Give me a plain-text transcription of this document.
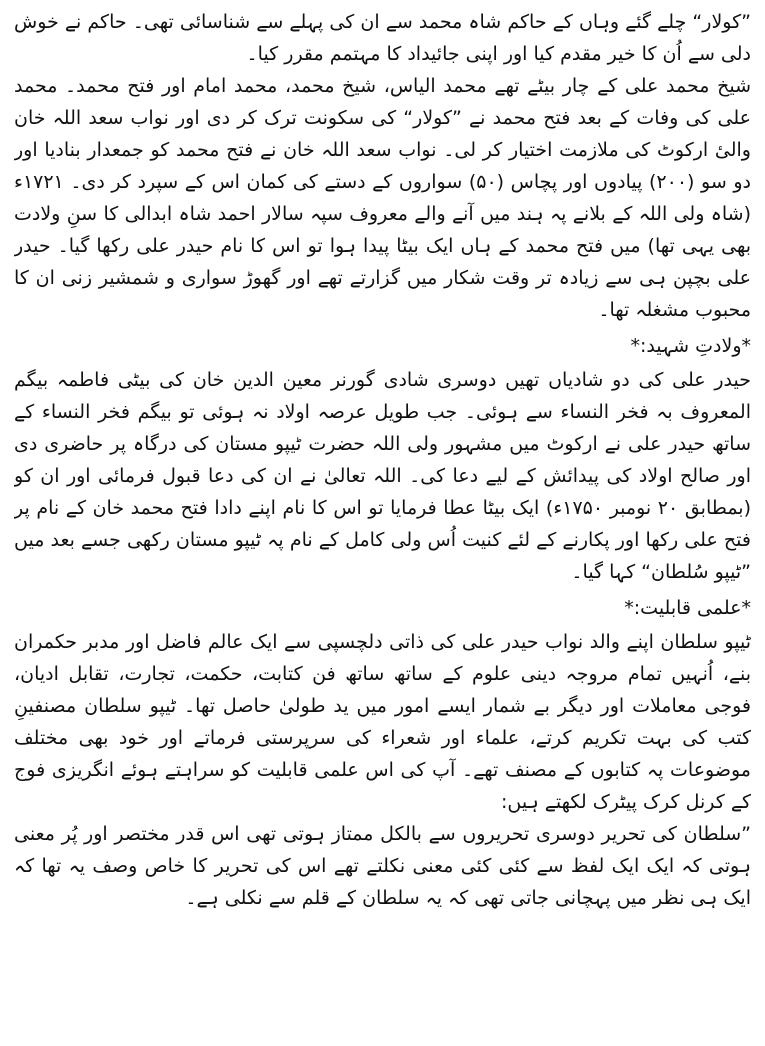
”کولار“ چلے گئے وہاں کے حاکم شاہ محمد سے ان کی پہلے سے شناسائی تھی۔ حاکم نے خوش دلی سے اُن کا خیر مقدم کیا اور اپنی جائیداد کا مہتمم مقرر کیا۔

شیخ محمد علی کے چار بیٹے تھے محمد الیاس، شیخ محمد، محمد امام اور فتح محمد۔ محمد علی کی وفات کے بعد فتح محمد نے ”کولار“ کی سکونت ترک کر دی اور نواب سعد اللہ خان والیٔ ارکوٹ کی ملازمت اختیار کر لی۔ نواب سعد اللہ خان نے فتح محمد کو جمعدار بنادیا اور دو سو (۲۰۰) پیادوں اور پچاس (۵۰) سواروں کے دستے کی کمان اس کے سپرد کر دی۔ ۱۷۲۱ء (شاہ ولی اللہ کے بلانے پہ ہند میں آنے والے معروف سپہ سالار احمد شاہ ابدالی کا سنِ ولادت بھی یہی تھا) میں فتح محمد کے ہاں ایک بیٹا پیدا ہوا تو اس کا نام حیدر علی رکھا گیا۔ حیدر علی بچپن ہی سے زیادہ تر وقت شکار میں گزارتے تھے اور گھوڑ سواری و شمشیر زنی ان کا محبوب مشغلہ تھا۔

*ولادتِ شہید:*

حیدر علی کی دو شادیاں تھیں دوسری شادی گورنر معین الدین خان کی بیٹی فاطمہ بیگم المعروف بہ فخر النساء سے ہوئی۔ جب طویل عرصہ اولاد نہ ہوئی تو بیگم فخر النساء کے ساتھ حیدر علی نے ارکوٹ میں مشہور ولی اللہ حضرت ٹیپو مستان کی درگاہ پر حاضری دی اور صالح اولاد کی پیدائش کے لیے دعا کی۔ اللہ تعالیٰ نے ان کی دعا قبول فرمائی اور ان کو (بمطابق ۲۰ نومبر ۱۷۵۰ء) ایک بیٹا عطا فرمایا تو اس کا نام اپنے دادا فتح محمد خان کے نام پر فتح علی رکھا اور پکارنے کے لئے کنیت اُس ولی کامل کے نام پہ ٹیپو مستان رکھی جسے بعد میں ”ٹیپو سُلطان“ کہا گیا۔

*علمی قابلیت:*

ٹیپو سلطان اپنے والد نواب حیدر علی کی ذاتی دلچسپی سے ایک عالم فاضل اور مدبر حکمران بنے، اُنہیں تمام مروجہ دینی علوم کے ساتھ ساتھ فن کتابت، حکمت، تجارت، تقابل ادیان، فوجی معاملات اور دیگر بے شمار ایسے امور میں ید طولیٰ حاصل تھا۔ ٹیپو سلطان مصنفینِ کتب کی بہت تکریم کرتے، علماء اور شعراء کی سرپرستی فرماتے اور خود بھی مختلف موضوعات پہ کتابوں کے مصنف تھے۔ آپ کی اس علمی قابلیت کو سراہتے ہوئے انگریزی فوج کے کرنل کرک پیٹرک لکھتے ہیں:

”سلطان کی تحریر دوسری تحریروں سے بالکل ممتاز ہوتی تھی اس قدر مختصر اور پُر معنی ہوتی کہ ایک ایک لفظ سے کئی کئی معنی نکلتے تھے اس کی تحریر کا خاص وصف یہ تھا کہ ایک ہی نظر میں پہچانی جاتی تھی کہ یہ سلطان کے قلم سے نکلی ہے۔
